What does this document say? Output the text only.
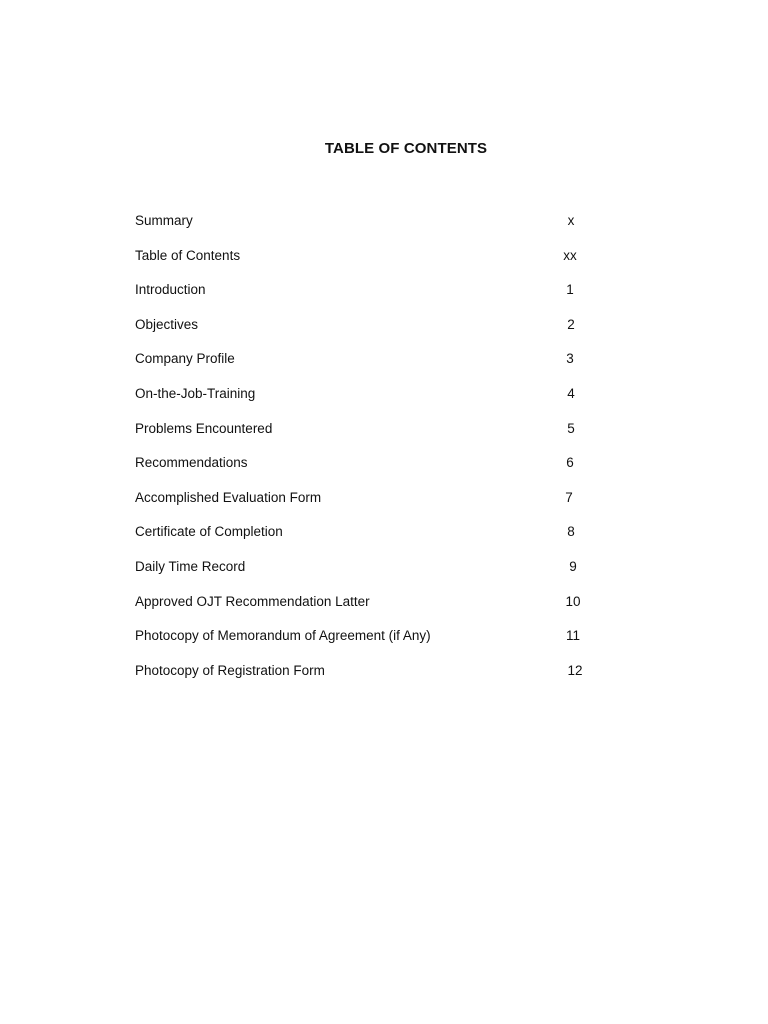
TABLE OF CONTENTS
Summary	x
Table of Contents	xx
Introduction	1
Objectives	2
Company Profile	3
On-the-Job-Training	4
Problems Encountered	5
Recommendations	6
Accomplished Evaluation Form	7
Certificate of Completion	8
Daily Time Record	9
Approved OJT Recommendation Latter	10
Photocopy of Memorandum of Agreement (if Any)	11
Photocopy of Registration Form	12
